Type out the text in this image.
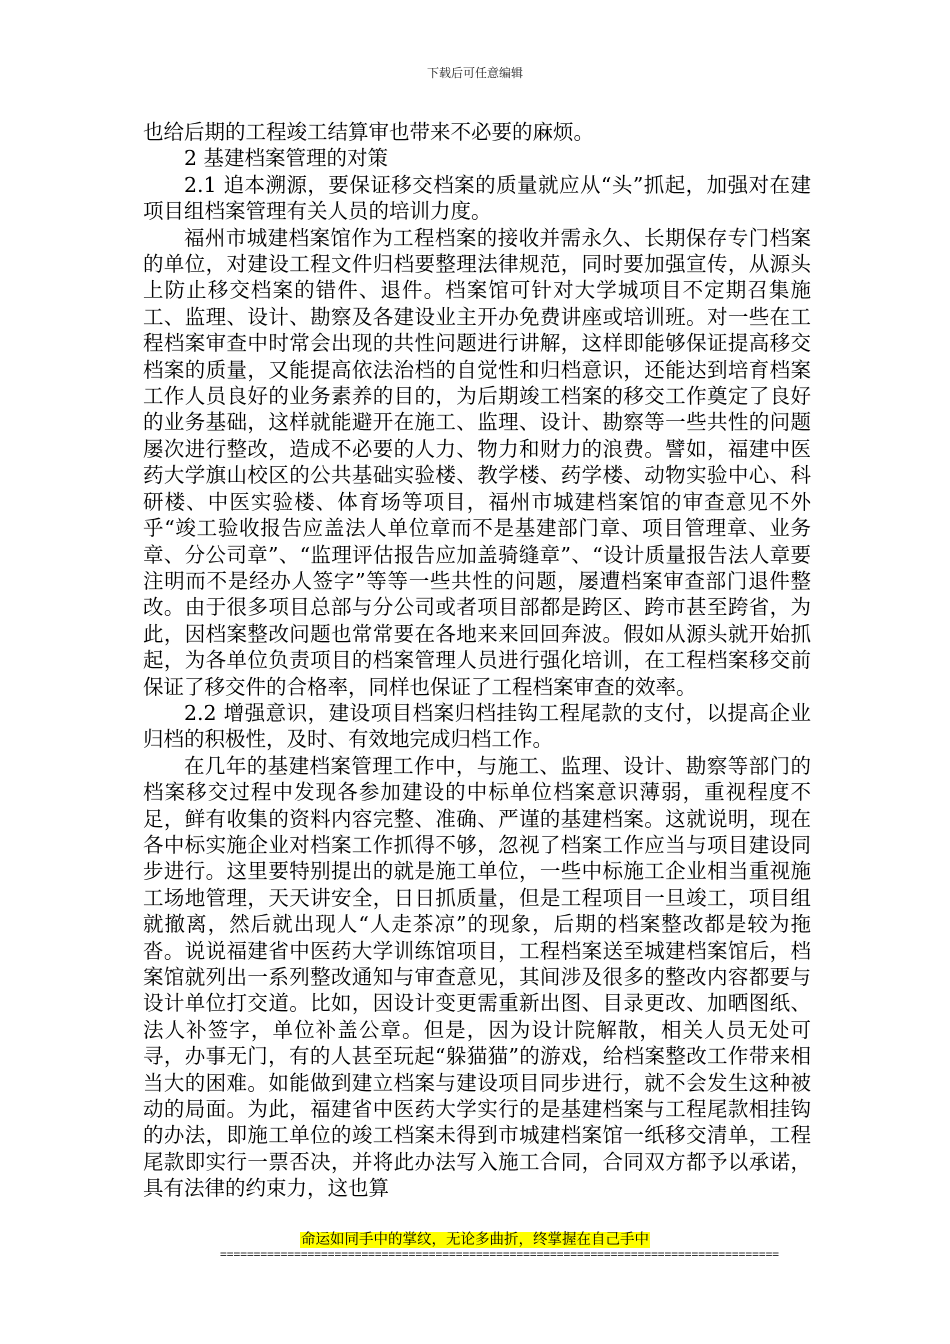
下载后可任意编辑

也给后期的工程竣工结算审也带来不必要的麻烦。

2 基建档案管理的对策

2.1 追本溯源，要保证移交档案的质量就应从“头”抓起，加强对在建项目组档案管理有关人员的培训力度。

福州市城建档案馆作为工程档案的接收并需永久、长期保存专门档案的单位，对建设工程文件归档要整理法律规范，同时要加强宣传，从源头上防止移交档案的错件、退件。档案馆可针对大学城项目不定期召集施工、监理、设计、勘察及各建设业主开办免费讲座或培训班。对一些在工程档案审查中时常会出现的共性问题进行讲解，这样即能够保证提高移交档案的质量，又能提高依法治档的自觉性和归档意识，还能达到培育档案工作人员良好的业务素养的目的，为后期竣工档案的移交工作奠定了良好的业务基础，这样就能避开在施工、监理、设计、勘察等一些共性的问题屡次进行整改，造成不必要的人力、物力和财力的浪费。譬如，福建中医药大学旗山校区的公共基础实验楼、教学楼、药学楼、动物实验中心、科研楼、中医实验楼、体育场等项目，福州市城建档案馆的审查意见不外乎“竣工验收报告应盖法人单位章而不是基建部门章、项目管理章、业务章、分公司章”、“监理评估报告应加盖骑缝章”、“设计质量报告法人章要注明而不是经办人签字”等等一些共性的问题，屡遭档案审查部门退件整改。由于很多项目总部与分公司或者项目部都是跨区、跨市甚至跨省，为此，因档案整改问题也常常要在各地来来回回奔波。假如从源头就开始抓起，为各单位负责项目的档案管理人员进行强化培训，在工程档案移交前保证了移交件的合格率，同样也保证了工程档案审查的效率。

2.2 增强意识，建设项目档案归档挂钩工程尾款的支付，以提高企业归档的积极性，及时、有效地完成归档工作。

在几年的基建档案管理工作中，与施工、监理、设计、勘察等部门的档案移交过程中发现各参加建设的中标单位档案意识薄弱，重视程度不足，鲜有收集的资料内容完整、准确、严谨的基建档案。这就说明，现在各中标实施企业对档案工作抓得不够，忽视了档案工作应当与项目建设同步进行。这里要特别提出的就是施工单位，一些中标施工企业相当重视施工场地管理，天天讲安全，日日抓质量，但是工程项目一旦竣工，项目组就撤离，然后就出现人“人走茶凉”的现象，后期的档案整改都是较为拖沓。说说福建省中医药大学训练馆项目，工程档案送至城建档案馆后，档案馆就列出一系列整改通知与审查意见，其间涉及很多的整改内容都要与设计单位打交道。比如，因设计变更需重新出图、目录更改、加晒图纸、法人补签字，单位补盖公章。但是，因为设计院解散，相关人员无处可寻，办事无门，有的人甚至玩起“躲猫猫”的游戏，给档案整改工作带来相当大的困难。如能做到建立档案与建设项目同步进行，就不会发生这种被动的局面。为此，福建省中医药大学实行的是基建档案与工程尾款相挂钩的办法，即施工单位的竣工档案未得到市城建档案馆一纸移交清单，工程尾款即实行一票否决，并将此办法写入施工合同，合同双方都予以承诺，具有法律的约束力，这也算

命运如同手中的掌纹，无论多曲折，终掌握在自己手中
===================================================================================
